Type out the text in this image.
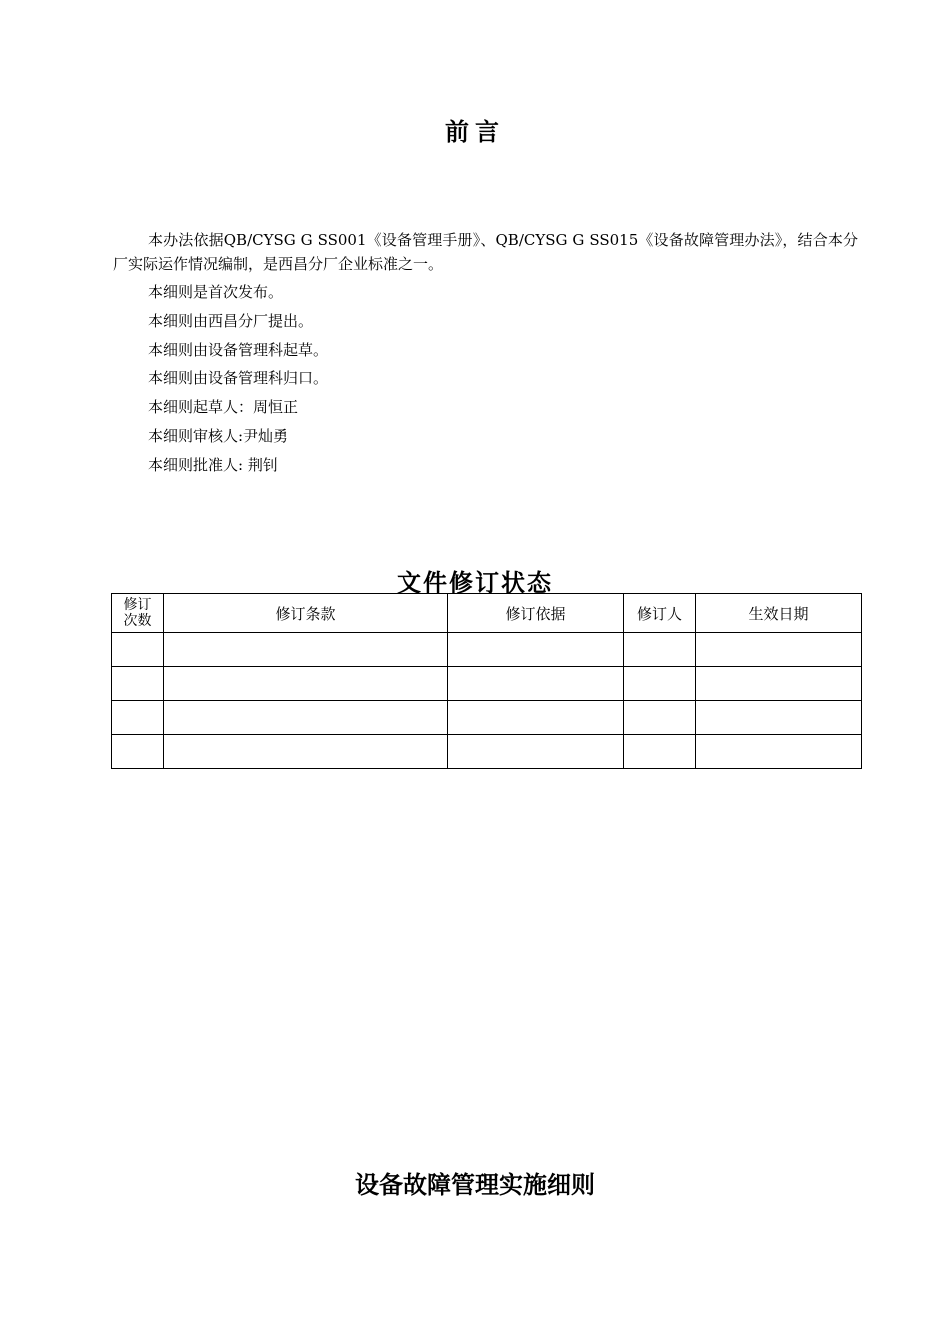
前言

本办法依据QB/CYSG G SS001《设备管理手册》、QB/CYSG G SS015《设备故障管理办法》，结合本分厂实际运作情况编制，是西昌分厂企业标准之一。

本细则是首次发布。
本细则由西昌分厂提出。
本细则由设备管理科起草。
本细则由设备管理科归口。
本细则起草人：周恒正
本细则审核人:尹灿勇
本细则批准人: 荆钊
文件修订状态
修订
次数	修订条款	修订依据	修订人	生效日期

设备故障管理实施细则
